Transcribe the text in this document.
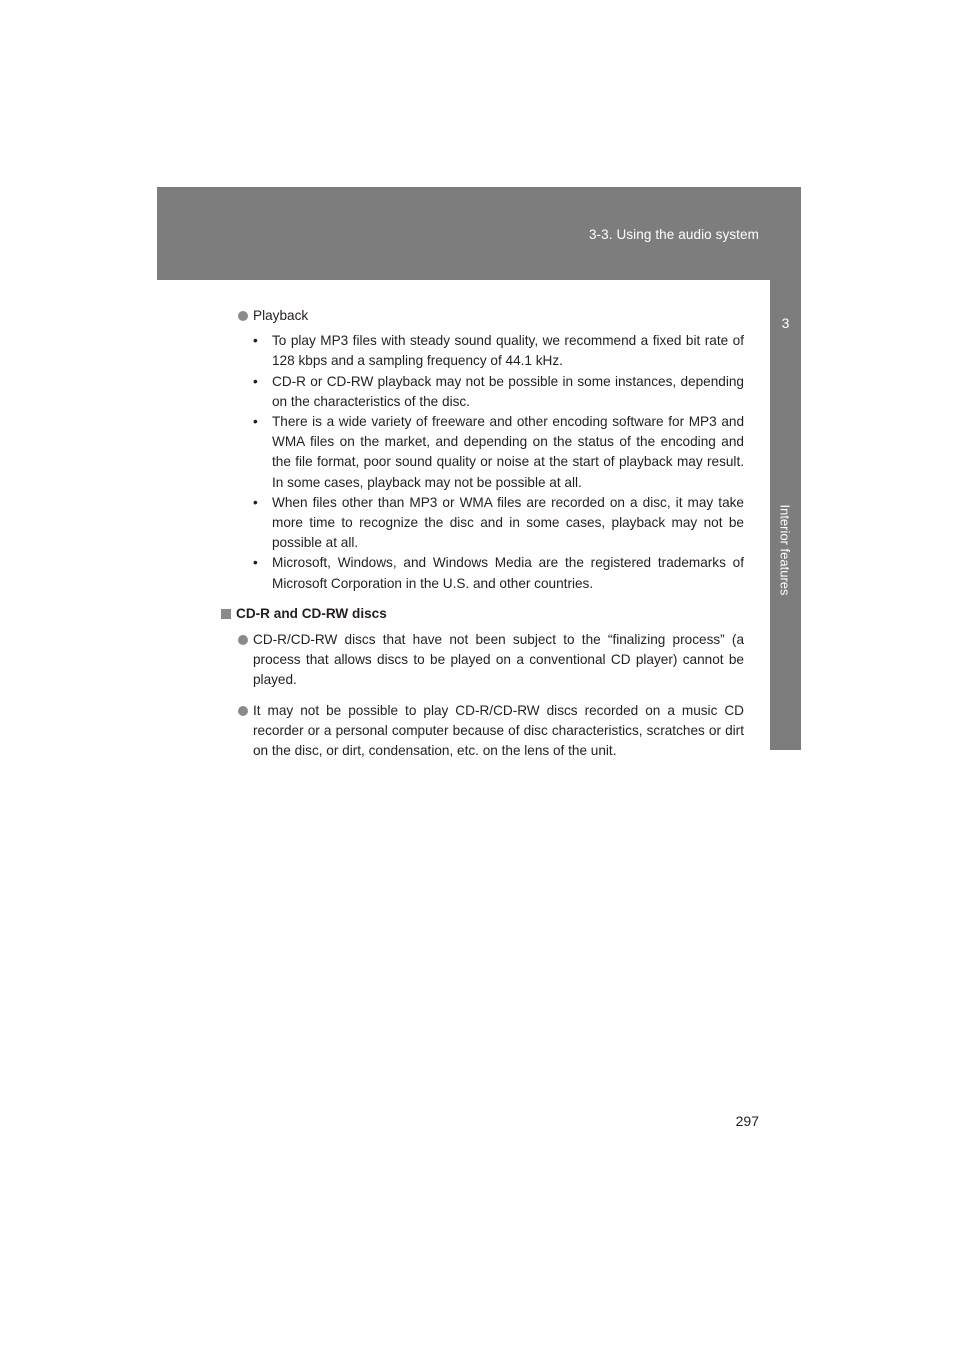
3-3. Using the audio system
3
Interior features
Playback
• To play MP3 files with steady sound quality, we recommend a fixed bit rate of 128 kbps and a sampling frequency of 44.1 kHz.
• CD-R or CD-RW playback may not be possible in some instances, depending on the characteristics of the disc.
• There is a wide variety of freeware and other encoding software for MP3 and WMA files on the market, and depending on the status of the encoding and the file format, poor sound quality or noise at the start of playback may result. In some cases, playback may not be possible at all.
• When files other than MP3 or WMA files are recorded on a disc, it may take more time to recognize the disc and in some cases, playback may not be possible at all.
• Microsoft, Windows, and Windows Media are the registered trademarks of Microsoft Corporation in the U.S. and other countries.
CD-R and CD-RW discs
CD-R/CD-RW discs that have not been subject to the “finalizing process” (a process that allows discs to be played on a conventional CD player) cannot be played.
It may not be possible to play CD-R/CD-RW discs recorded on a music CD recorder or a personal computer because of disc characteristics, scratches or dirt on the disc, or dirt, condensation, etc. on the lens of the unit.
297
